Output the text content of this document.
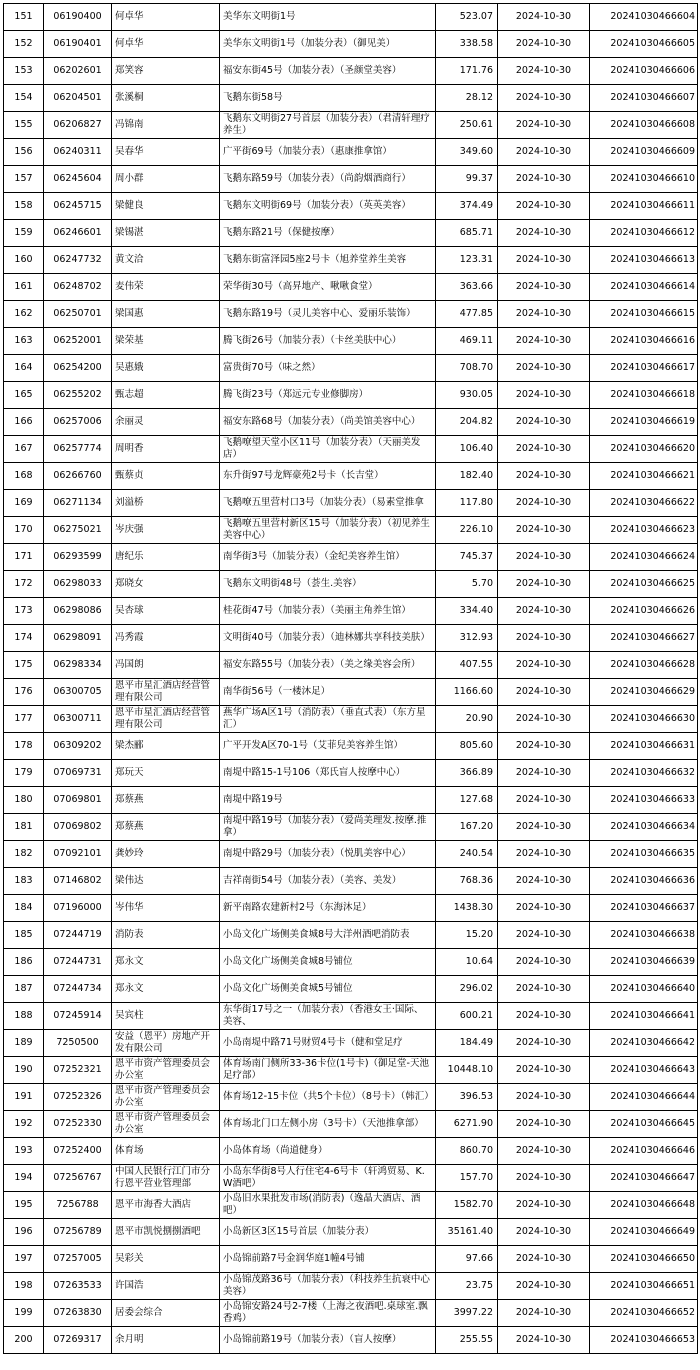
151	06190400	何卓华	美华东文明街1号	523.07	2024-10-30	20241030466604
152	06190401	何卓华	美华东文明街1号（加装分表）（御见美）	338.58	2024-10-30	20241030466605
153	06202601	郑笑容	福安东街45号（加装分表）（圣颜堂美容）	171.76	2024-10-30	20241030466606
154	06204501	张溪桐	飞鹅东街58号	28.12	2024-10-30	20241030466607
155	06206827	冯锦南	飞鹅东文明街27号首层（加装分表）（君清轩理疗养生）	250.61	2024-10-30	20241030466608
156	06240311	吴春华	广平街69号（加装分表）（惠康推拿馆）	349.60	2024-10-30	20241030466609
157	06245604	周小群	飞鹅东路59号（加装分表）（尚韵烟酒商行）	99.37	2024-10-30	20241030466610
158	06245715	梁健良	飞鹅东文明街69号（加装分表）（英英美容）	374.49	2024-10-30	20241030466611
159	06246601	梁锡湛	飞鹅东路21号（保健按摩）	685.71	2024-10-30	20241030466612
160	06247732	黄文洽	飞鹅东街富泽园5座2号卡（旭养堂养生美容	123.31	2024-10-30	20241030466613
161	06248702	麦伟荣	荣华街30号（高昇地产、啾啾食堂）	363.66	2024-10-30	20241030466614
162	06250701	梁国惠	飞鹅东路19号（灵儿美容中心、爱丽乐装饰）	477.85	2024-10-30	20241030466615
163	06252001	梁荣基	腾飞街26号（加装分表）（卡丝美肤中心）	469.11	2024-10-30	20241030466616
164	06254200	吴惠娥	富贵街70号（味之然）	708.70	2024-10-30	20241030466617
165	06255202	甄志超	腾飞街23号（郑远元专业修脚房）	930.05	2024-10-30	20241030466618
166	06257006	余丽灵	福安东路68号（加装分表）（尚美馆美容中心）	204.82	2024-10-30	20241030466619
167	06257774	周明香	飞鹅嘹望天堂小区11号（加装分表）（天丽美发店）	106.40	2024-10-30	20241030466620
168	06266760	甄蔡贞	东升街97号龙辉豪苑2号卡（长吉堂）	182.40	2024-10-30	20241030466621
169	06271134	刘溢桥	飞鹅嘹五里营村口3号（加装分表）（易素堂推拿	117.80	2024-10-30	20241030466622
170	06275021	岑庆强	飞鹅嘹五里营村新区15号（加装分表）（初见养生美容中心）	226.10	2024-10-30	20241030466623
171	06293599	唐纪乐	南华街3号（加装分表）（金纪美容养生馆）	745.37	2024-10-30	20241030466624
172	06298033	郑晓女	飞鹅东文明街48号（荟生.美容）	5.70	2024-10-30	20241030466625
173	06298086	吴杏球	桂花街47号（加装分表）（美丽主角养生馆）	334.40	2024-10-30	20241030466626
174	06298091	冯秀霞	文明街40号（加装分表）（迪林娜共享科技美肤）	312.93	2024-10-30	20241030466627
175	06298334	冯国朗	福安东路55号（加装分表）（美之缘美容会所）	407.55	2024-10-30	20241030466628
176	06300705	恩平市星汇酒店经营管理有限公司	南华街56号（一楼沐足）	1166.60	2024-10-30	20241030466629
177	06300711	恩平市星汇酒店经营管理有限公司	燕华广场A区1号（消防表）（垂直式表）（东方星汇）	20.90	2024-10-30	20241030466630
178	06309202	梁杰郦	广平开发A区70-1号（艾菲兒美容养生馆）	805.60	2024-10-30	20241030466631
179	07069731	郑玩天	南堤中路15-1号106（郑氏盲人按摩中心）	366.89	2024-10-30	20241030466632
180	07069801	郑蔡燕	南堤中路19号	127.68	2024-10-30	20241030466633
181	07069802	郑蔡燕	南堤中路19号（加装分表）（爱尚美理发.按摩.推拿）	167.20	2024-10-30	20241030466634
182	07092101	龚妙玲	南堤中路29号（加装分表）（悦肌美容中心）	240.54	2024-10-30	20241030466635
183	07146802	梁伟达	吉祥南街54号（加装分表）（美容、美发）	768.36	2024-10-30	20241030466636
184	07196000	岑伟华	新平南路农建新村2号（东海沐足）	1438.30	2024-10-30	20241030466637
185	07244719	消防表	小岛文化广场侧美食城8号大洋州酒吧消防表	15.20	2024-10-30	20241030466638
186	07244731	郑永文	小岛文化广场侧美食城8号铺位	10.64	2024-10-30	20241030466639
187	07244734	郑永文	小岛文化广场侧美食城5号铺位	296.02	2024-10-30	20241030466640
188	07245914	吴宾柱	东华街17号之一（加装分表）（香港女王·国际、美容、	600.21	2024-10-30	20241030466641
189	7250500	安益（恩平）房地产开发有限公司	小岛南堤中路71号财贸4号卡（健和堂足疗	184.49	2024-10-30	20241030466642
190	07252321	恩平市资产管理委员会办公室	体育场南门侧所33-36卡位(1号卡)（御足堂-天池足疗部）	10448.10	2024-10-30	20241030466643
191	07252326	恩平市资产管理委员会办公室	体育场12-15卡位（共5个卡位）（8号卡）（韩汇）	396.53	2024-10-30	20241030466644
192	07252330	恩平市资产管理委员会办公室	体育场北门口左侧小房（3号卡）（天池推拿部）	6271.90	2024-10-30	20241030466645
193	07252400	体育场	小岛体育场（尚道健身）	860.70	2024-10-30	20241030466646
194	07256767	中国人民银行江门市分行恩平营业管理部	小岛东华街8号人行住宅4-6号卡（轩鸿贸易、K.W酒吧）	157.70	2024-10-30	20241030466647
195	7256788	恩平市海香大酒店	小岛旧水果批发市场(消防表)（逸晶大酒店、酒吧）	1582.70	2024-10-30	20241030466648
196	07256789	恩平市凯悦捌捌酒吧	小岛新区3区15号首层（加装分表）	35161.40	2024-10-30	20241030466649
197	07257005	吴彩关	小岛锦前路7号金润华庭1幢4号铺	97.66	2024-10-30	20241030466650
198	07263533	许国浩	小岛锦茂路36号（加装分表）（科技养生抗衰中心美容）	23.75	2024-10-30	20241030466651
199	07263830	居委会综合	小岛锦安路24号2-7楼（上海之夜酒吧.桌球室.飘香鸡）	3997.22	2024-10-30	20241030466652
200	07269317	余月明	小岛锦前路19号（加装分表）（盲人按摩）	255.55	2024-10-30	20241030466653
